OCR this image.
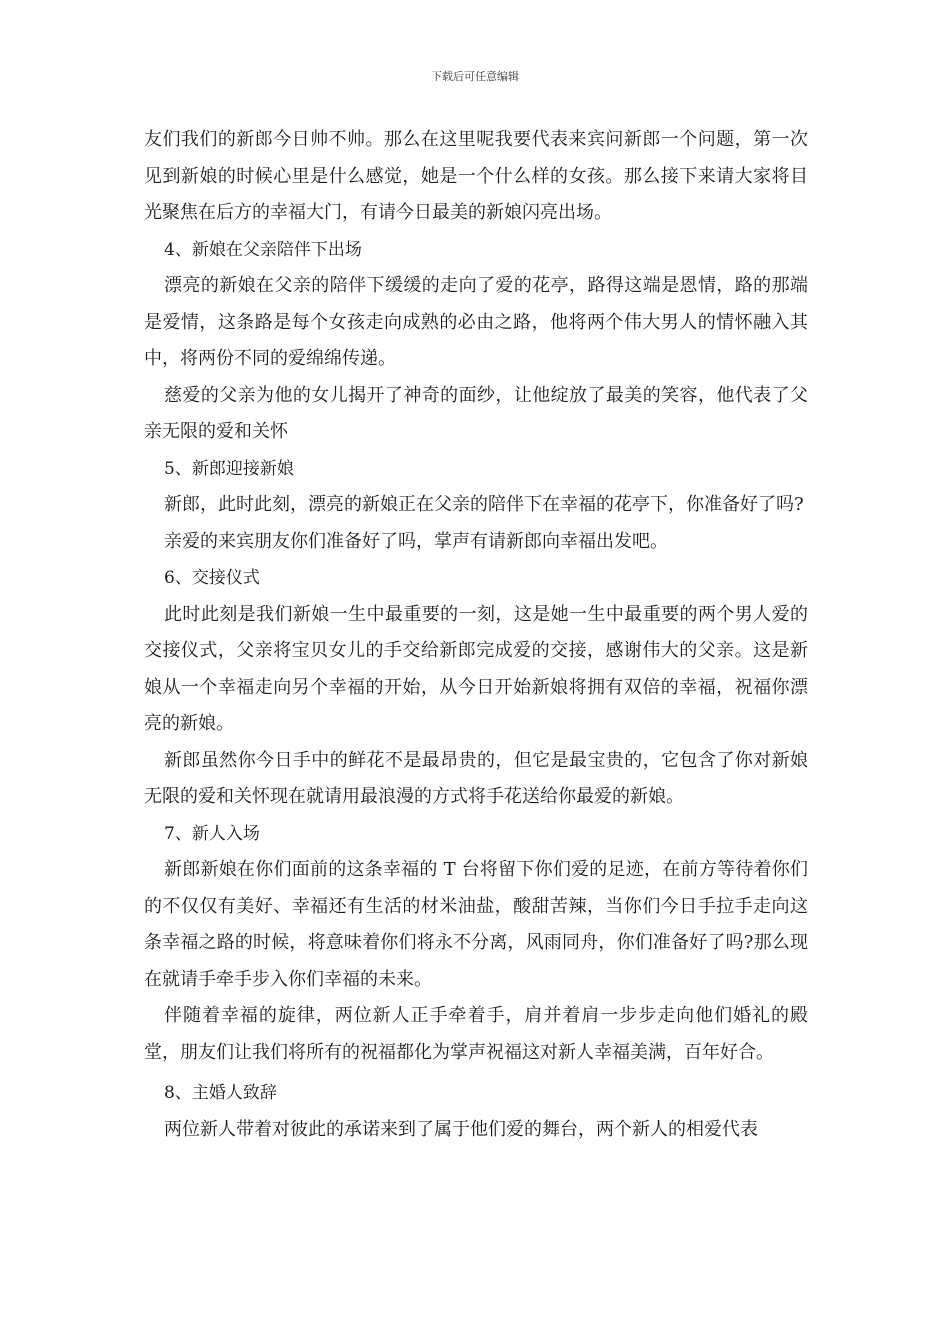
下载后可任意编辑

友们我们的新郎今日帅不帅。那么在这里呢我要代表来宾问新郎一个问题，第一次见到新娘的时候心里是什么感觉，她是一个什么样的女孩。那么接下来请大家将目光聚焦在后方的幸福大门，有请今日最美的新娘闪亮出场。

4、新娘在父亲陪伴下出场

漂亮的新娘在父亲的陪伴下缓缓的走向了爱的花亭，路得这端是恩情，路的那端是爱情，这条路是每个女孩走向成熟的必由之路，他将两个伟大男人的情怀融入其中，将两份不同的爱绵绵传递。

慈爱的父亲为他的女儿揭开了神奇的面纱，让他绽放了最美的笑容，他代表了父亲无限的爱和关怀

5、新郎迎接新娘

新郎，此时此刻，漂亮的新娘正在父亲的陪伴下在幸福的花亭下，你准备好了吗?

亲爱的来宾朋友你们准备好了吗，掌声有请新郎向幸福出发吧。

6、交接仪式

此时此刻是我们新娘一生中最重要的一刻，这是她一生中最重要的两个男人爱的交接仪式，父亲将宝贝女儿的手交给新郎完成爱的交接，感谢伟大的父亲。这是新娘从一个幸福走向另个幸福的开始，从今日开始新娘将拥有双倍的幸福，祝福你漂亮的新娘。

新郎虽然你今日手中的鲜花不是最昂贵的，但它是最宝贵的，它包含了你对新娘无限的爱和关怀现在就请用最浪漫的方式将手花送给你最爱的新娘。

7、新人入场

新郎新娘在你们面前的这条幸福的 T 台将留下你们爱的足迹，在前方等待着你们的不仅仅有美好、幸福还有生活的材米油盐，酸甜苦辣，当你们今日手拉手走向这条幸福之路的时候，将意味着你们将永不分离，风雨同舟，你们准备好了吗?那么现在就请手牵手步入你们幸福的未来。

伴随着幸福的旋律，两位新人正手牵着手，肩并着肩一步步走向他们婚礼的殿堂，朋友们让我们将所有的祝福都化为掌声祝福这对新人幸福美满，百年好合。

8、主婚人致辞

两位新人带着对彼此的承诺来到了属于他们爱的舞台，两个新人的相爱代表
